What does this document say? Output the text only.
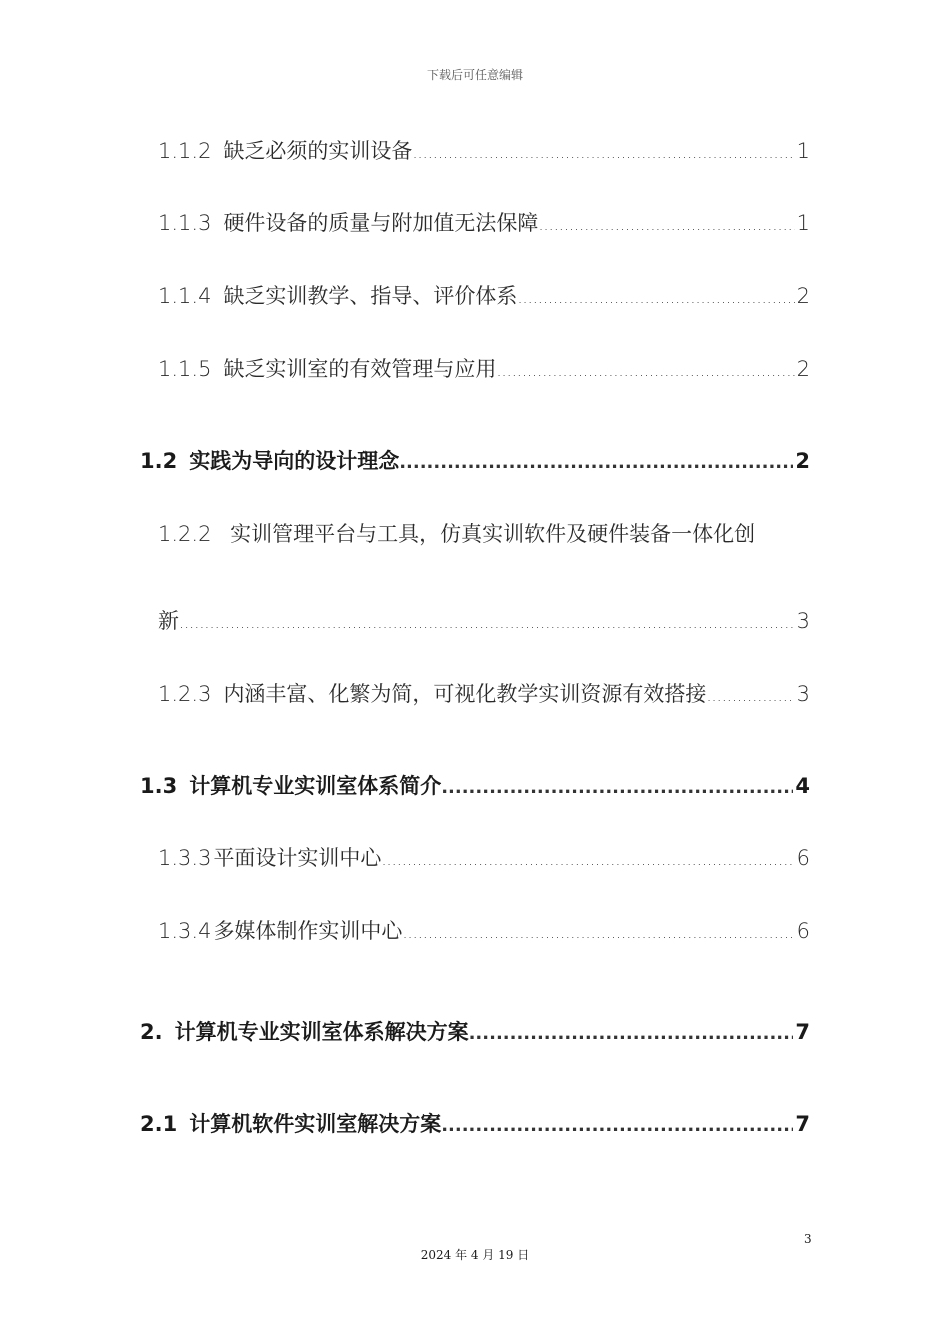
下载后可任意编辑
1.1.2 缺乏必须的实训设备 .....	1
1.1.3 硬件设备的质量与附加值无法保障 .....	1
1.1.4 缺乏实训教学、指导、评价体系 .....	2
1.1.5 缺乏实训室的有效管理与应用 .....	2
1.2 实践为导向的设计理念 .....	2
1.2.2 实训管理平台与工具，仿真实训软件及硬件装备一体化创
新 .....	3
1.2.3 内涵丰富、化繁为简，可视化教学实训资源有效搭接 .....	3
1.3 计算机专业实训室体系简介 .....	4
1.3.3 平面设计实训中心 .....	6
1.3.4 多媒体制作实训中心 .....	6
2. 计算机专业实训室体系解决方案 .....	7
2.1 计算机软件实训室解决方案 .....	7
3
2024 年 4 月 19 日
